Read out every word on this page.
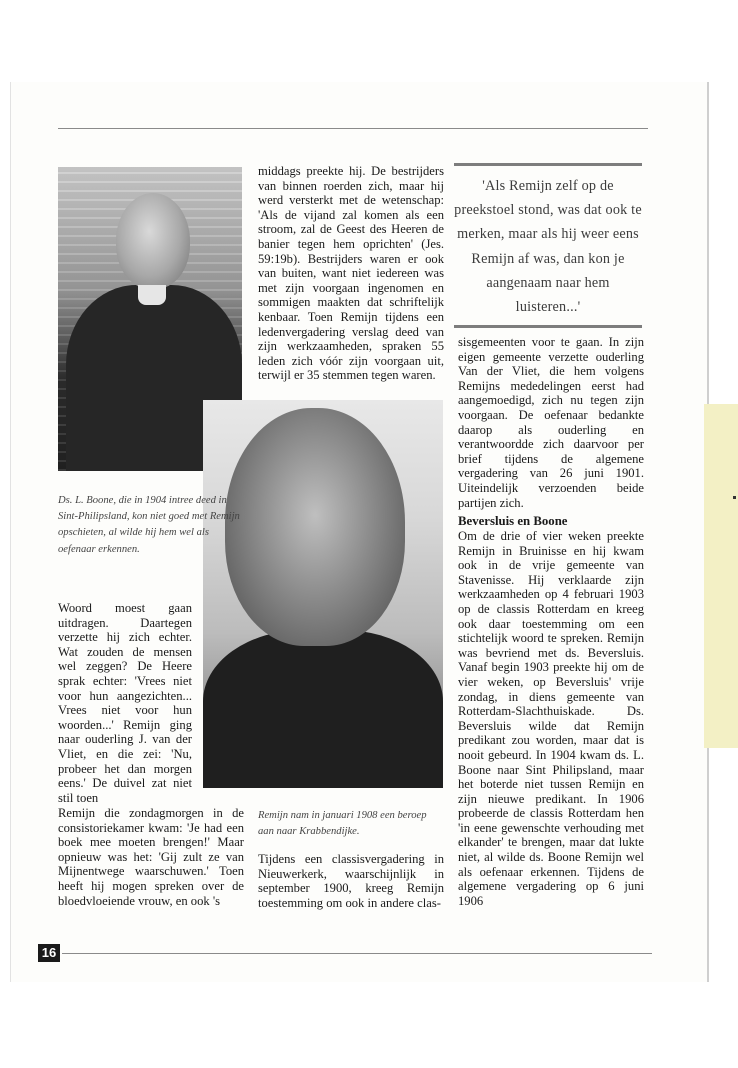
Ds. L. Boone, die in 1904 intree deed in Sint-Philipsland, kon niet goed met Remijn opschieten, al wilde hij hem wel als oefenaar erkennen.

Woord moest gaan uitdragen. Daartegen verzette hij zich echter. Wat zouden de mensen wel zeggen? De Heere sprak echter: 'Vrees niet voor hun aangezichten... Vrees niet voor hun woorden...' Remijn ging naar ouderling J. van der Vliet, en die zei: 'Nu, probeer het dan morgen eens.' De duivel zat niet stil toen

Remijn die zondagmorgen in de consistoriekamer kwam: 'Je had een boek mee moeten brengen!' Maar opnieuw was het: 'Gij zult ze van Mijnentwege waarschuwen.' Toen heeft hij mogen spreken over de bloedvloeiende vrouw, en ook 's

middags preekte hij. De bestrijders van binnen roerden zich, maar hij werd versterkt met de wetenschap: 'Als de vijand zal komen als een stroom, zal de Geest des Heeren de banier tegen hem oprichten' (Jes. 59:19b). Bestrijders waren er ook van buiten, want niet iedereen was met zijn voorgaan ingenomen en sommigen maakten dat schriftelijk kenbaar. Toen Remijn tijdens een ledenvergadering verslag deed van zijn werkzaamheden, spraken 55 leden zich vóór zijn voorgaan uit, terwijl er 35 stemmen tegen waren.

Remijn nam in januari 1908 een beroep aan naar Krabbendijke.

Tijdens een classisvergadering in Nieuwerkerk, waarschijnlijk in september 1900, kreeg Remijn toestemming om ook in andere clas-

'Als Remijn zelf op de preekstoel stond, was dat ook te merken, maar als hij weer eens Remijn af was, dan kon je aangenaam naar hem luisteren...'

sisgemeenten voor te gaan. In zijn eigen gemeente verzette ouderling Van der Vliet, die hem volgens Remijns mededelingen eerst had aangemoedigd, zich nu tegen zijn voorgaan. De oefenaar bedankte daarop als ouderling en verantwoordde zich daarvoor per brief tijdens de algemene vergadering van 26 juni 1901. Uiteindelijk verzoenden beide partijen zich.

Beversluis en Boone

Om de drie of vier weken preekte Remijn in Bruinisse en hij kwam ook in de vrije gemeente van Stavenisse. Hij verklaarde zijn werkzaamheden op 4 februari 1903 op de classis Rotterdam en kreeg ook daar toestemming om een stichtelijk woord te spreken. Remijn was bevriend met ds. Beversluis. Vanaf begin 1903 preekte hij om de vier weken, op Beversluis' vrije zondag, in diens gemeente van Rotterdam-Slachthuiskade. Ds. Beversluis wilde dat Remijn predikant zou worden, maar dat is nooit gebeurd. In 1904 kwam ds. L. Boone naar Sint Philipsland, maar het boterde niet tussen Remijn en zijn nieuwe predikant. In 1906 probeerde de classis Rotterdam hen 'in eene gewenschte verhouding met elkander' te brengen, maar dat lukte niet, al wilde ds. Boone Remijn wel als oefenaar erkennen. Tijdens de algemene vergadering op 6 juni 1906

16
